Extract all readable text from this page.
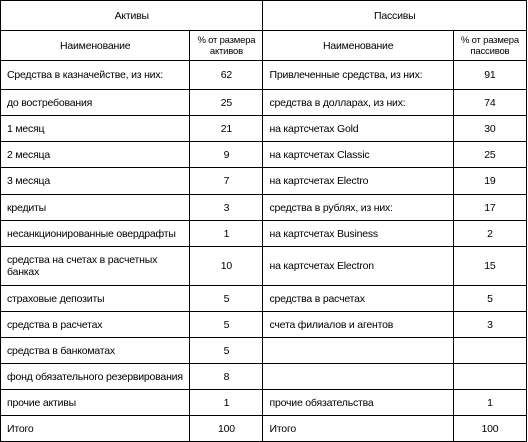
Активы		Пассивы	
Наименование	% от размера активов	Наименование	% от размера пассивов
Средства в казначействе, из них:	62	Привлеченные средства, из них:	91
до востребования	25	средства в долларах, из них:	74
1 месяц	21	на картсчетах Gold	30
2 месяца	9	на картсчетах Classic	25
3 месяца	7	на картсчетах Electro	19
кредиты	3	средства в рублях, из них:	17
несанкционированные овердрафты	1	на картсчетах Business	2
средства на счетах в расчетных банках	10	на картсчетах Electron	15
страховые депозиты	5	средства в расчетах	5
средства в расчетах	5	счета филиалов и агентов	3
средства в банкоматах	5		
фонд обязательного резервирования	8		
прочие активы	1	прочие обязательства	1
Итого	100	Итого	100
